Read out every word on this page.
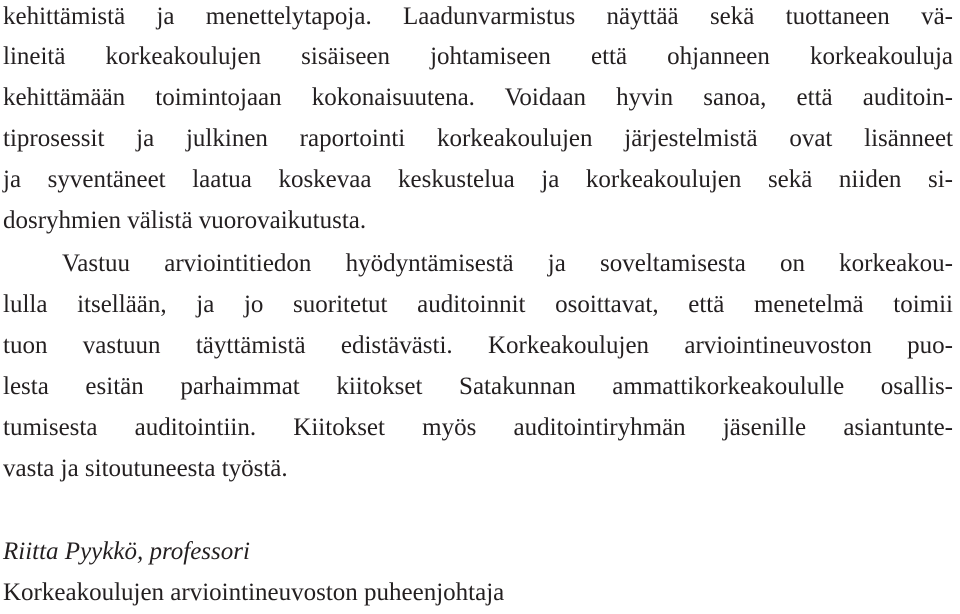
kehittämistä ja menettelytapoja. Laadunvarmistus näyttää sekä tuottaneen vä-
lineitä korkeakoulujen sisäiseen johtamiseen että ohjanneen korkeakouluja
kehittämään toimintojaan kokonaisuutena. Voidaan hyvin sanoa, että auditoin-
tiprosessit ja julkinen raportointi korkeakoulujen järjestelmistä ovat lisänneet
ja syventäneet laatua koskevaa keskustelua ja korkeakoulujen sekä niiden si-
dosryhmien välistä vuorovaikutusta.
Vastuu arviointitiedon hyödyntämisestä ja soveltamisesta on korkeakou-
lulla itsellään, ja jo suoritetut auditoinnit osoittavat, että menetelmä toimii
tuon vastuun täyttämistä edistävästi. Korkeakoulujen arviointineuvoston puo-
lesta esitän parhaimmat kiitokset Satakunnan ammattikorkeakoululle osallis-
tumisesta auditointiin. Kiitokset myös auditointiryhmän jäsenille asiantunte-
vasta ja sitoutuneesta työstä.
Riitta Pyykkö, professori
Korkeakoulujen arviointineuvoston puheenjohtaja
